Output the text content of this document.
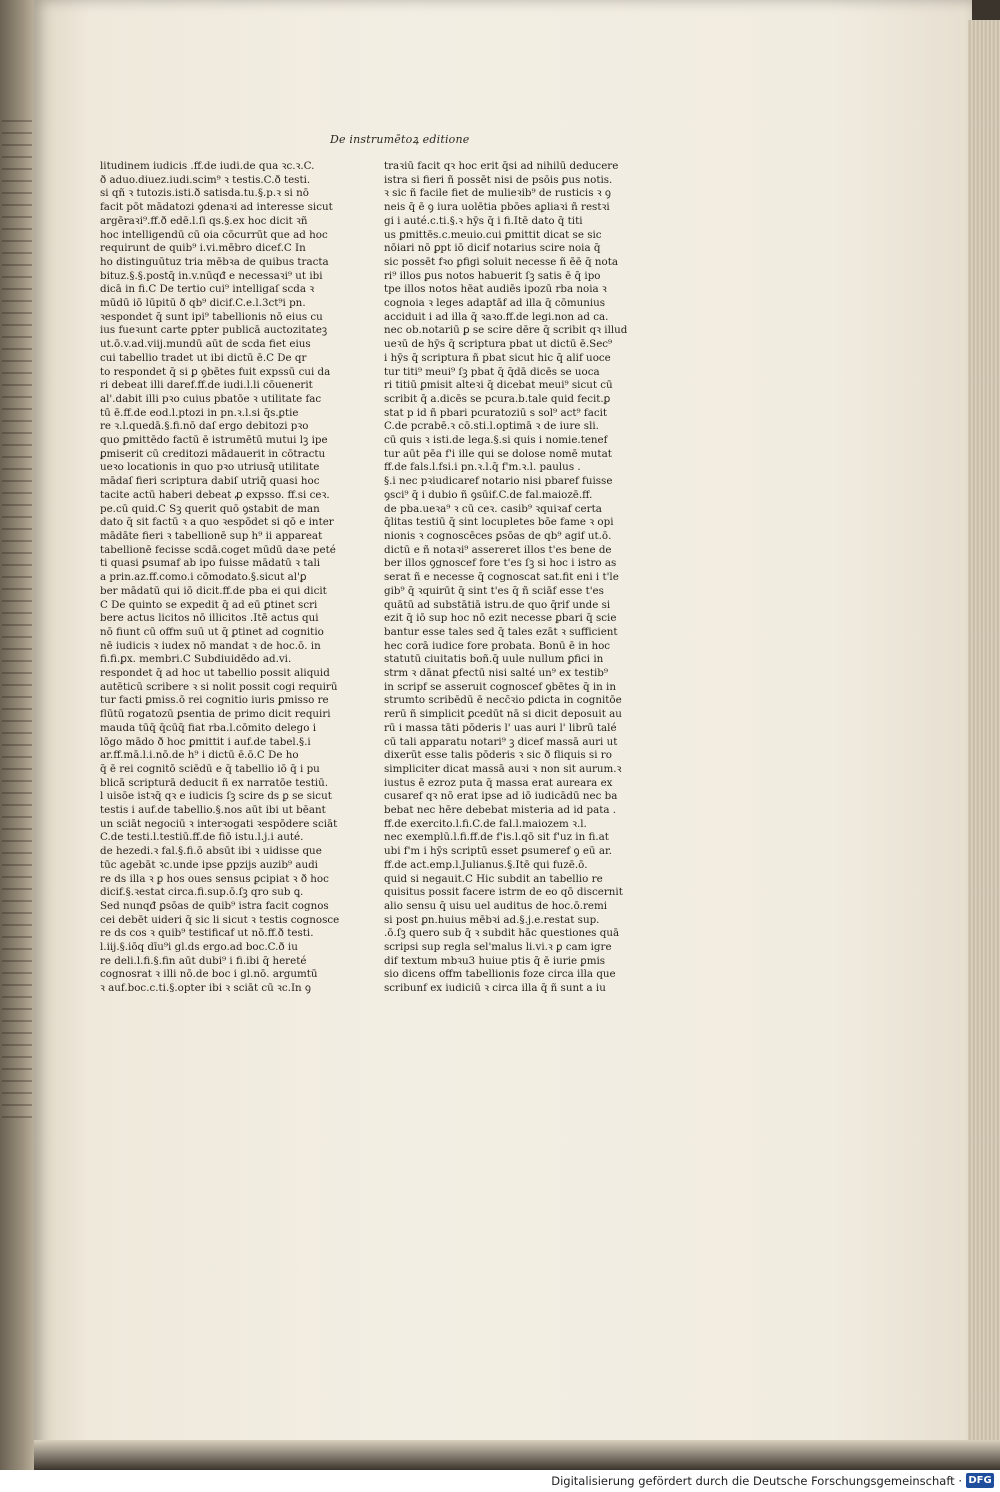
De instrumētoꝝ editione
litudinem iudicis .ff.de iudi.de qua ꝛc.ꝛ.C.
ð aduo.diuez.iudi.scim⁹ ꝛ testis.C.ð testi.
si qñ ꝛ tutozis.isti.ð satisda.tu.§.p.ꝛ si nō
facit pōt mādatozi ꝯdenaꝛi ad interesse sicut
argēraꝛi⁹.ff.ð edē.l.ſi qs.§.ex hoc dicit ꝛñ
hoc intelligendū cū oia cōcurrūt que ad hoc
requirunt de quib⁹ i.vi.mēbro dicef.C In
ho distinguūtuz tria mēbꝛa de quibus tracta
bituz.§.§.postq̄ in.v.nūqđ e necessaꝛi⁹ ut ibi
dicā in fi.C De tertio cui⁹ intelligaſ scda ꝛ
mūdū iō lūpitū ð qb⁹ dicif.C.e.l.3ct⁹i pn.
ꝛespondet q̄ sunt ipi⁹ tabellionis nō eius cu
ius fueꝛunt carte ꝑpter publicā auctozitateꝫ
ut.ō.v.ad.viij.mundū aūt de scda fiet eius
cui tabellio tradet ut ibi dictū ē.C De qr
to respondet q̄ si ꝑ ꝯbētes fuit expssū cui da
ri debeat illi daref.ff.de iudi.l.li cōuenerit
al'.dabit illi pꝛo cuius pbatōe ꝛ utilitate fac
tū ē.ff.de eod.l.ptozi in pn.ꝛ.l.si q̄s.ꝑtie
re ꝛ.l.quedā.§.fi.nō daſ ergo debitozi pꝛo
quo ꝑmittēdo factū ē istrumētū mutui lꝫ ipe
ꝑmiserit cū creditozi mādauerit in cōtractu
ueꝛo locationis in quo pꝛo utriusq̄ utilitate
mādaſ fieri scriptura dabiſ utriq̄ quasi hoc
tacite actū haberi debeat ꝓ expsso. ff.si ceꝛ.
pe.cū quid.C Sꝫ querit quō ꝯstabit de man
dato q̄ sit factū ꝛ a quo ꝛespōdet si qō e inter
mādāte fieri ꝛ tabellionē sup h⁹ ii appareat
tabellionē fecisse scdā.coget mūdū daꝛe peté
ti quasi ꝑsumaf ab ipo fuisse mādatū ꝛ tali
a prin.az.ff.como.i cōmodato.§.sicut al'ꝑ
ber mādatū qui iō dicit.ff.de pba ei qui dicit
C De quinto se expedit q̄ ad eū ꝑtinet scri
bere actus licitos nō illicitos .Itē actus qui
nō fiunt cū offm suū ut q̄ ꝑtinet ad cognitio
nē iudicis ꝛ iudex nō mandat ꝛ de hoc.ō. in
fi.fi.ꝑx. membri.C Subdiuidēdo ad.vi.
respondet q̄ ad hoc ut tabellio possit aliquid
autēticū scribere ꝛ si nolit possit cogi requirū
tur facti ꝑmiss.ō rei cognitio iuris ꝑmisso re
flūtū rogatozū ꝑsentia de primo dicit requiri
mauda tūq̄ q̄cūq̄ fiat rba.l.cōmito delego i
lōgo mādo ð hoc ꝑmittit i auf.de tabel.§.i
ar.ff.mā.l.i.nō.de h⁹ i dictū ē.ō.C De ho
q̄ ē rei cognitō sciēdū e q̄ tabellio iō q̄ i pu
blicā scripturā deducit ñ ex narratōe testiū.
l uisōe istꝛq̄ qꝛ e iudicis ſꝫ scire ds ꝑ se sicut
testis i auf.de tabellio.§.nos aūt ibi ut bēant
un sciāt negociū ꝛ interꝛogati ꝛespōdere sciāt
C.de testi.l.testiū.ff.de fiō istu.l.j.i auté.
de hezedi.ꝛ fal.§.fi.ō absūt ibi ꝛ uidisse que
tūc agebāt ꝛc.unde ipse ꝑpzijs auzib⁹ audi
re ds illa ꝛ ꝑ hos oues sensus ꝑcipiat ꝛ ð hoc
dicif.§.ꝛestat circa.fi.sup.ō.ſꝫ qro sub ꝗ.
Sed nunqđ ꝑsōas de quib⁹ istra facit cognos
cei debēt uideri q̄ sic li sicut ꝛ testis cognosce
re ds cos ꝛ quib⁹ testificaf ut nō.ff.ð testi.
l.iij.§.iōq dīu⁹i gl.ds ergo.ad boc.C.ð iu
re deli.l.fi.§.fin aūt dubi⁹ i fi.ibi q̄ hereté
cognosrat ꝛ illi nō.de boc i gl.nō. argumtū
ꝛ auf.boc.c.ti.§.opter ibi ꝛ sciāt cū ꝛc.In ꝯ
traꝛiū facit qꝛ hoc erit q̄si ad nihilū deducere
istra si fieri ñ possēt nisi de psōis ꝑus notis.
ꝛ sic ñ facile fiet de mulieꝛib⁹ de rusticis ꝛ ꝯ
neis q̄ ē ꝯ iura uolētia pbōes aꝑliaꝛi ñ restꝛi
gi i auté.c.ti.§.ꝛ hȳs q̄ i fi.Itē dato q̄ titi
us ꝑmittēs.c.meuio.cui ꝑmittit dicat se sic
nōiari nō ꝑpt iō dicif notarius scire noia q̄
sic possēt fꝛo ꝑfigi soluit necesse ñ ēē q̄ nota
ri⁹ illos ꝑus notos habuerit ſꝫ satis ē q̄ ipo
tpe illos notos hēat audiēs ipozū rba noia ꝛ
cognoia ꝛ leges adaptāf ad illa q̄ cōmunius
acciduit i ad illa q̄ ꝛaꝛo.ff.de legi.non ad ca.
nec ob.notariū ꝑ se scire dēre q̄ scribit qꝛ illud
ueꝛū de hȳs q̄ scriptura pbat ut dictū ē.Sec⁹
i hȳs q̄ scriptura ñ pbat sicut hic q̄ alif uoce
tur titi⁹ meui⁹ ſꝫ pbat q̄ q̄dā dicēs se uoca
ri titiū ꝑmisit alteꝛi q̄ dicebat meui⁹ sicut cū
scribit q̄ a.dicēs se pcura.b.tale quid fecit.ꝑ
stat p id ñ pbari pcuratoziū s sol⁹ act⁹ facit
C.de pcrabē.ꝛ cō.sti.l.optimā ꝛ de iure sli.
cū quis ꝛ isti.de lega.§.si quis i nomie.tenef
tur aūt pēa f'i ille qui se dolose nomē mutat
ff.de fals.l.fsi.i pn.ꝛ.l.q̄ f'm.ꝛ.l. paulus .
§.i nec pꝛiudicaref notario nisi pbaref fuisse
ꝯsci⁹ q̄ i dubio ñ ꝯsūif.C.de fal.maiozē.ff.
de pba.ueꝛa⁹ ꝛ cū ceꝛ. casib⁹ ꝛquiꝛaf certa
q̄litas testiū q̄ sint locupletes bōe fame ꝛ opi
nionis ꝛ cognoscēces ꝑsōas de qb⁹ agif ut.ō.
dictū e ñ notaꝛi⁹ assereret illos t'es bene de
ber illos ꝯgnoscef fore t'es ſꝫ si hoc i istro as
serat ñ e necesse q̄ cognoscat sat.fit eni i t'le
gib⁹ q̄ ꝛquirūt q̄ sint t'es q̄ ñ sciāf esse t'es
quātū ad substātiā istru.de quo q̄rif unde si
ezit q̄ iō sup hoc nō ezit necesse ꝑbari q̄ scie
bantur esse tales sed q̄ tales ezāt ꝛ sufficient
hec corā iudice fore probata. Bonū ē in hoc
statutū ciuitatis boñ.q̄ uule nullum ꝑfici in
strm ꝛ dānat ꝑfectū nisi salté un⁹ ex testib⁹
in scripf se asseruit cognoscef ꝯbētes q̄ in in
strumto scribēdū ē necc̄ꝛio ꝑdicta in cognitōe
rerū ñ simplicit ꝑcedūt nā si dicit deposuit au
rū i massa tāti pōderis l' uas auri l' librū talé
cū tali apparatu notari⁹ ꝫ dicef massā auri ut
dixerūt esse talis pōderis ꝛ sic ð fliquis si ro
simpliciter dicat massā auꝛi ꝛ non sit aurum.ꝛ
iustus ē ezroz puta q̄ massa erat aureara ex
cusaref qꝛ nō erat ipse ad iō iudicādū nec ba
bebat nec hēre debebat misteria ad id pata .
ff.de exercito.l.fi.C.de fal.l.maiozem ꝛ.l.
nec exemplū.l.fi.ff.de f'is.l.qō sit f'uz in fi.at
ubi f'm i hȳs scriptū esset ꝑsumeref ꝯ eū ar.
ff.de act.emp.l.Julianus.§.Itē qui fuzē.ō.
quid si negauit.C Hic subdit an tabellio re
quisitus possit facere istrm de eo qō discernit
alio sensu q̄ uisu uel auditus de hoc.ō.remi
si post ꝑn.huius mēbꝛi ad.§.j.e.restat sup.
.ō.ſꝫ quero sub q̄ ꝛ subdit hāc questiones quā
scripsi sup regla sel'malus li.vi.ꝛ ꝑ cam igre
dif textum mbꝛu3 huiue ptis q̄ ē iurie ꝑmis
sio dicens offm tabellionis foze circa illa que
scribunf ex iudiciū ꝛ circa illa q̄ ñ sunt a iu
Digitalisierung gefördert durch die Deutsche Forschungsgemeinschaft · DFG
